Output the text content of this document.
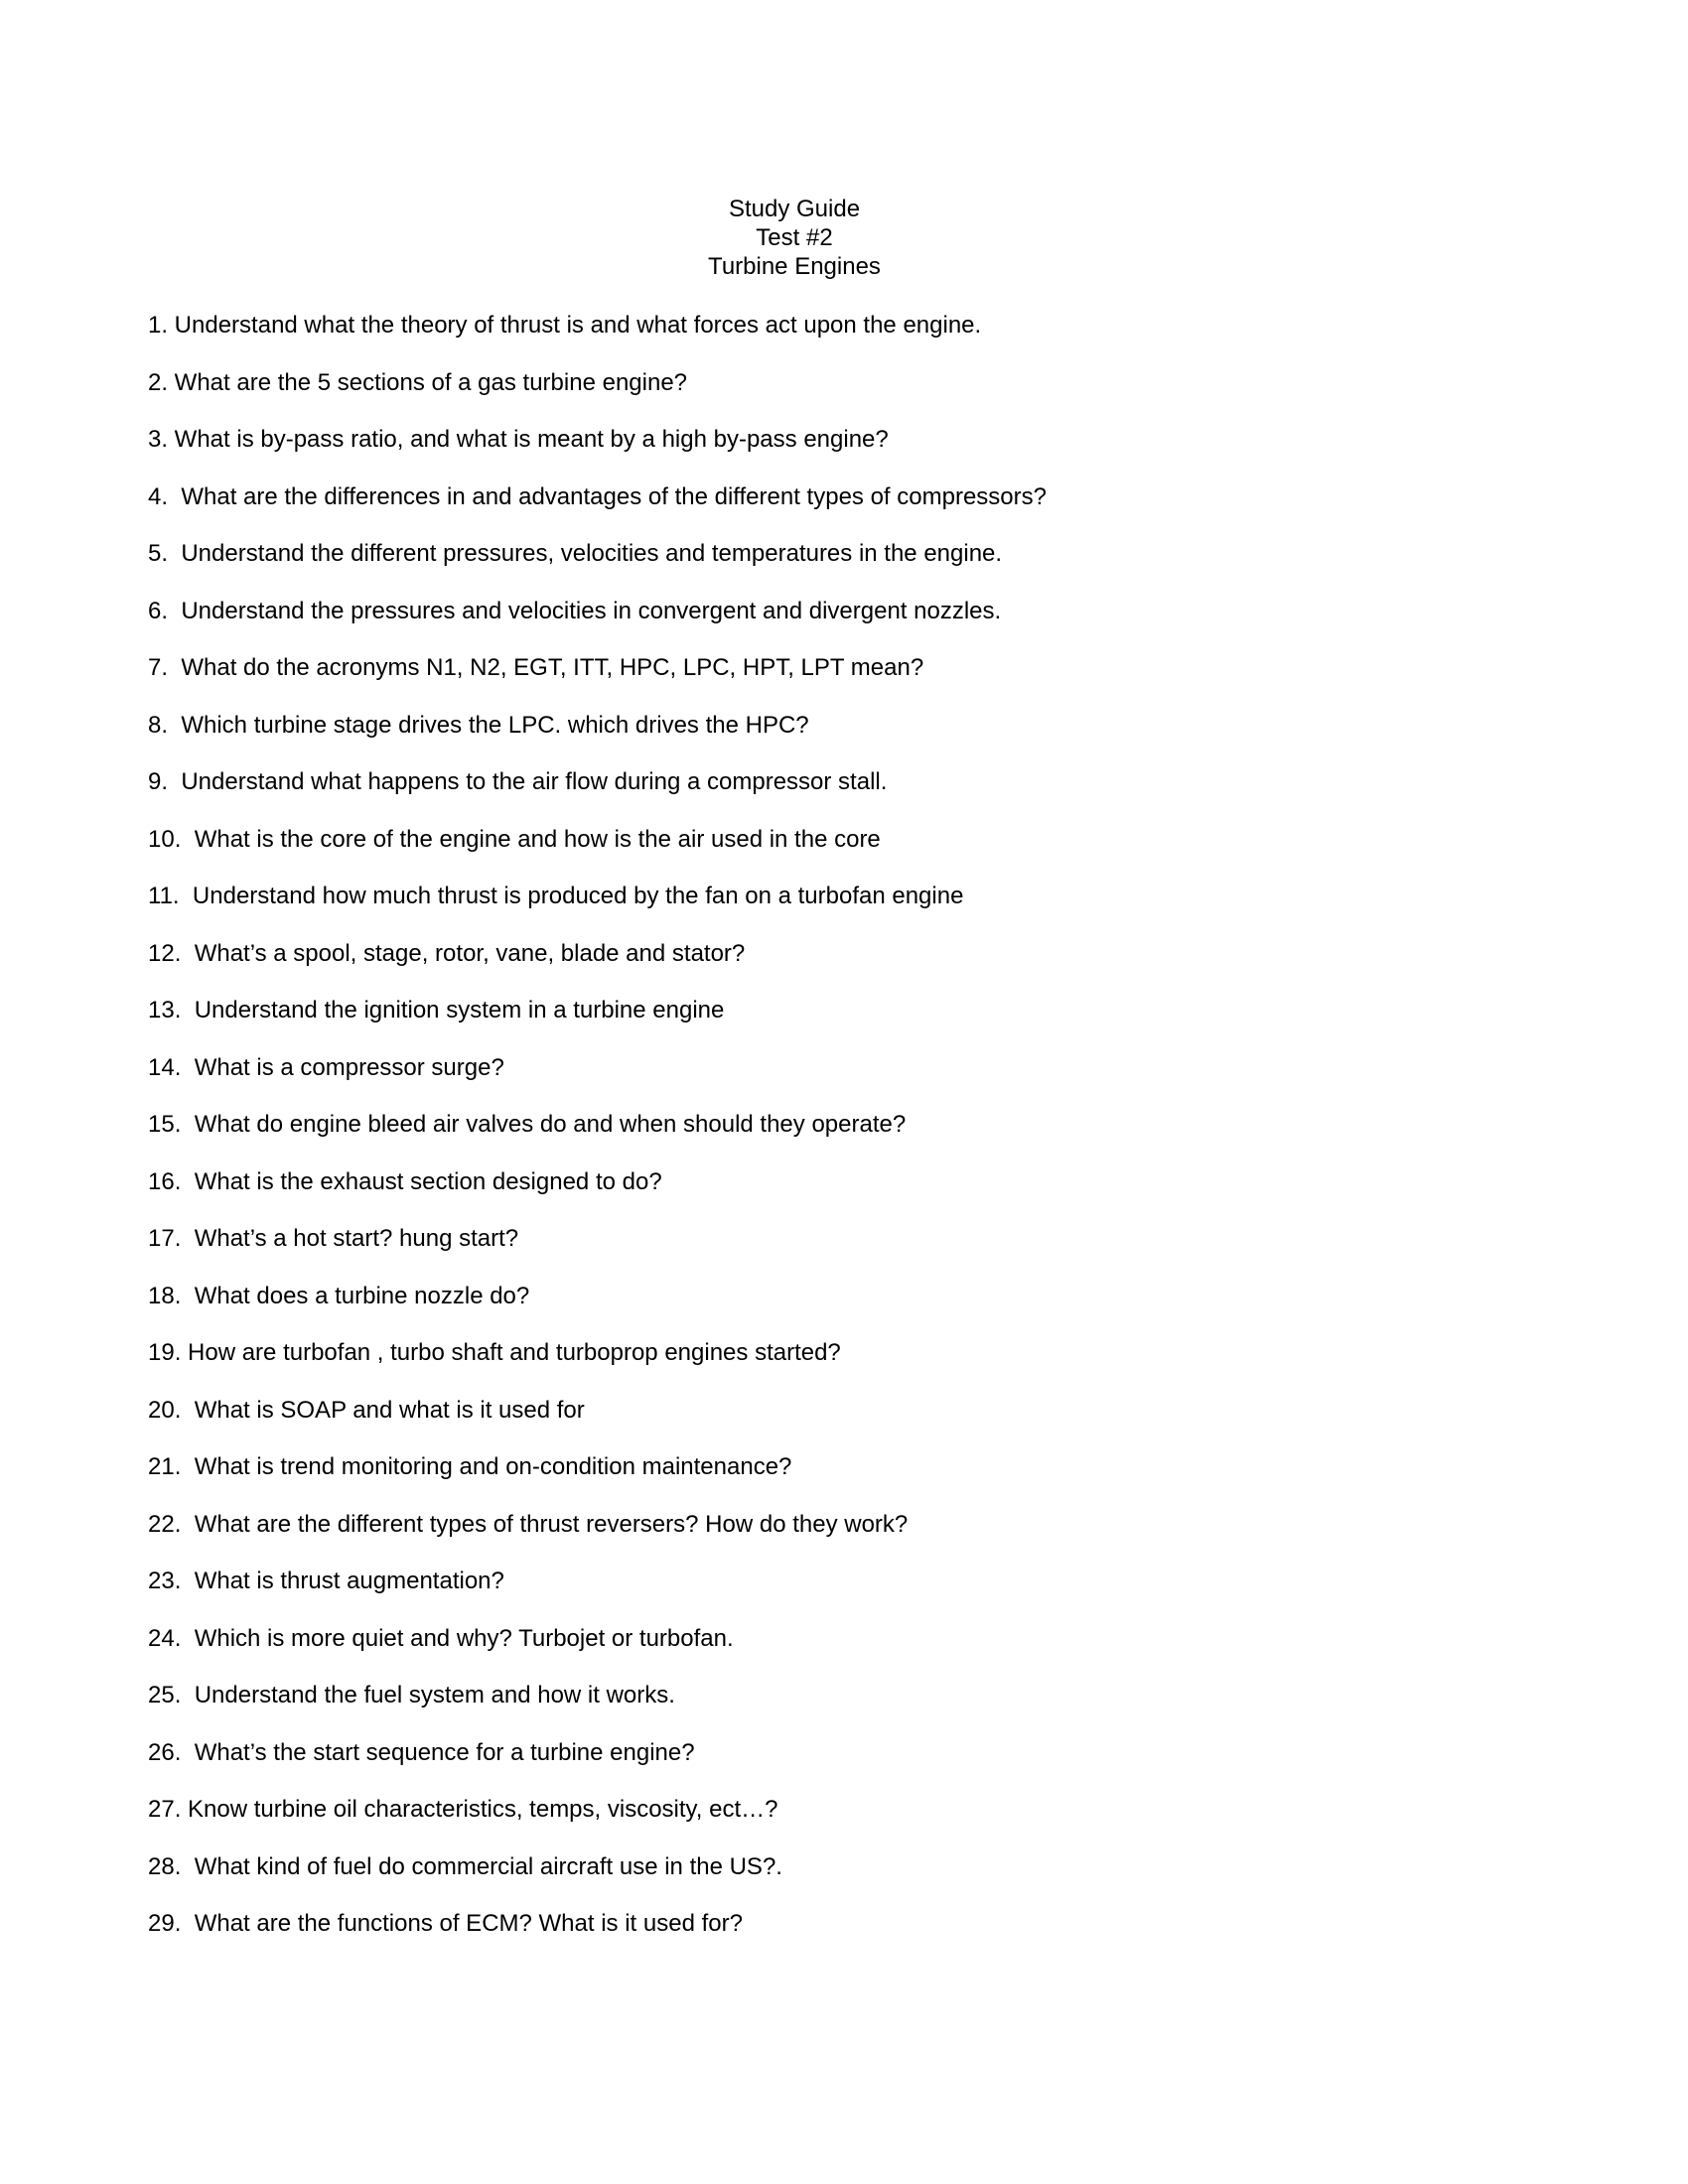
Study Guide
Test #2
Turbine Engines
1. Understand what the theory of thrust is and what forces act upon the engine.
2. What are the 5 sections of a gas turbine engine?
3. What is by-pass ratio, and what is meant by a high by-pass engine?
4.  What are the differences in and advantages of the different types of compressors?
5.  Understand the different pressures, velocities and temperatures in the engine.
6.  Understand the pressures and velocities in convergent and divergent nozzles.
7.  What do the acronyms N1, N2, EGT, ITT, HPC, LPC, HPT, LPT mean?
8.  Which turbine stage drives the LPC. which drives the HPC?
9.  Understand what happens to the air flow during a compressor stall.
10.  What is the core of the engine and how is the air used in the core
11.  Understand how much thrust is produced by the fan on a turbofan engine
12.  What’s a spool, stage, rotor, vane, blade and stator?
13.  Understand the ignition system in a turbine engine
14.  What is a compressor surge?
15.  What do engine bleed air valves do and when should they operate?
16.  What is the exhaust section designed to do?
17.  What’s a hot start? hung start?
18.  What does a turbine nozzle do?
19. How are turbofan , turbo shaft and turboprop engines started?
20.  What is SOAP and what is it used for
21.  What is trend monitoring and on-condition maintenance?
22.  What are the different types of thrust reversers? How do they work?
23.  What is thrust augmentation?
24.  Which is more quiet and why? Turbojet or turbofan.
25.  Understand the fuel system and how it works.
26.  What’s the start sequence for a turbine engine?
27. Know turbine oil characteristics, temps, viscosity, ect…?
28.  What kind of fuel do commercial aircraft use in the US?.
29.  What are the functions of ECM? What is it used for?
